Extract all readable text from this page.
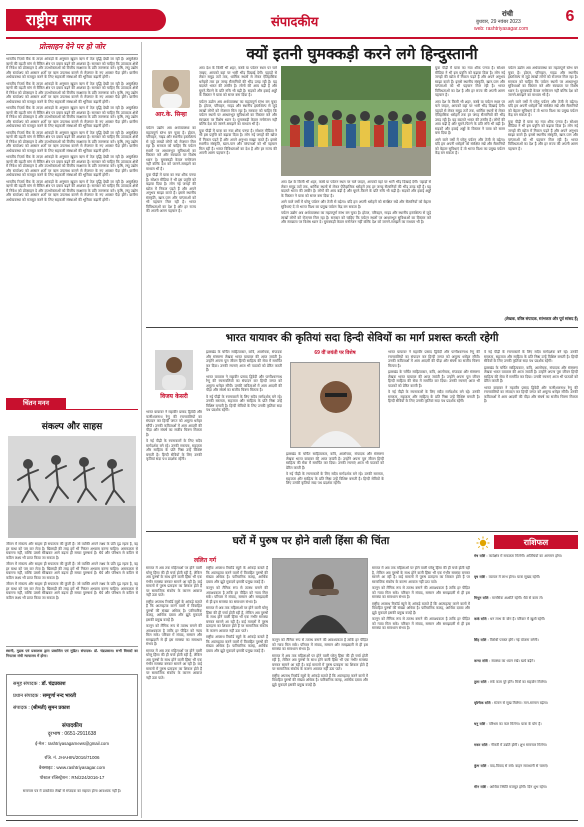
राष्ट्रीय सागर	संपादकीय
रांची
बुधवार, 29 नवंबर 2023
web: rashtriyasagar.com
6
प्रोत्साहन देने पर हो जोर

भारतीय रिज़र्व बैंक के ताज़ा आंकड़ों के अनुसार खुदरा ऋण में तेज़ वृद्धि देखी जा रही है। असुरक्षित ऋणों की बढ़ती मांग से बैंकिंग क्षेत्र पर दबाव बढ़ने की आशंका है। सरकार को चाहिए कि उत्पादक क्षेत्रों में निवेश को प्रोत्साहन दे और उपभोक्ताओं को वित्तीय साक्षरता के प्रति जागरूक करे। कृषि, लघु उद्योग और स्टार्टअप को आसान शर्तों पर ऋण उपलब्ध कराने से रोजगार के नए अवसर पैदा होंगे। ग्रामीण अर्थव्यवस्था को मजबूत करने के लिए सहकारी संस्थाओं की भूमिका बढ़ानी होगी।

भारतीय रिज़र्व बैंक के ताज़ा आंकड़ों के अनुसार खुदरा ऋण में तेज़ वृद्धि देखी जा रही है। असुरक्षित ऋणों की बढ़ती मांग से बैंकिंग क्षेत्र पर दबाव बढ़ने की आशंका है। सरकार को चाहिए कि उत्पादक क्षेत्रों में निवेश को प्रोत्साहन दे और उपभोक्ताओं को वित्तीय साक्षरता के प्रति जागरूक करे। कृषि, लघु उद्योग और स्टार्टअप को आसान शर्तों पर ऋण उपलब्ध कराने से रोजगार के नए अवसर पैदा होंगे। ग्रामीण अर्थव्यवस्था को मजबूत करने के लिए सहकारी संस्थाओं की भूमिका बढ़ानी होगी।

भारतीय रिज़र्व बैंक के ताज़ा आंकड़ों के अनुसार खुदरा ऋण में तेज़ वृद्धि देखी जा रही है। असुरक्षित ऋणों की बढ़ती मांग से बैंकिंग क्षेत्र पर दबाव बढ़ने की आशंका है। सरकार को चाहिए कि उत्पादक क्षेत्रों में निवेश को प्रोत्साहन दे और उपभोक्ताओं को वित्तीय साक्षरता के प्रति जागरूक करे। कृषि, लघु उद्योग और स्टार्टअप को आसान शर्तों पर ऋण उपलब्ध कराने से रोजगार के नए अवसर पैदा होंगे। ग्रामीण अर्थव्यवस्था को मजबूत करने के लिए सहकारी संस्थाओं की भूमिका बढ़ानी होगी।

भारतीय रिज़र्व बैंक के ताज़ा आंकड़ों के अनुसार खुदरा ऋण में तेज़ वृद्धि देखी जा रही है। असुरक्षित ऋणों की बढ़ती मांग से बैंकिंग क्षेत्र पर दबाव बढ़ने की आशंका है। सरकार को चाहिए कि उत्पादक क्षेत्रों में निवेश को प्रोत्साहन दे और उपभोक्ताओं को वित्तीय साक्षरता के प्रति जागरूक करे। कृषि, लघु उद्योग और स्टार्टअप को आसान शर्तों पर ऋण उपलब्ध कराने से रोजगार के नए अवसर पैदा होंगे। ग्रामीण अर्थव्यवस्था को मजबूत करने के लिए सहकारी संस्थाओं की भूमिका बढ़ानी होगी।

भारतीय रिज़र्व बैंक के ताज़ा आंकड़ों के अनुसार खुदरा ऋण में तेज़ वृद्धि देखी जा रही है। असुरक्षित ऋणों की बढ़ती मांग से बैंकिंग क्षेत्र पर दबाव बढ़ने की आशंका है। सरकार को चाहिए कि उत्पादक क्षेत्रों में निवेश को प्रोत्साहन दे और उपभोक्ताओं को वित्तीय साक्षरता के प्रति जागरूक करे। कृषि, लघु उद्योग और स्टार्टअप को आसान शर्तों पर ऋण उपलब्ध कराने से रोजगार के नए अवसर पैदा होंगे। ग्रामीण अर्थव्यवस्था को मजबूत करने के लिए सहकारी संस्थाओं की भूमिका बढ़ानी होगी।

भारतीय रिज़र्व बैंक के ताज़ा आंकड़ों के अनुसार खुदरा ऋण में तेज़ वृद्धि देखी जा रही है। असुरक्षित ऋणों की बढ़ती मांग से बैंकिंग क्षेत्र पर दबाव बढ़ने की आशंका है। सरकार को चाहिए कि उत्पादक क्षेत्रों में निवेश को प्रोत्साहन दे और उपभोक्ताओं को वित्तीय साक्षरता के प्रति जागरूक करे। कृषि, लघु उद्योग और स्टार्टअप को आसान शर्तों पर ऋण उपलब्ध कराने से रोजगार के नए अवसर पैदा होंगे। ग्रामीण अर्थव्यवस्था को मजबूत करने के लिए सहकारी संस्थाओं की भूमिका बढ़ानी होगी।

चिंतन मनन
संकल्प और साहस

जीवन में संकल्प और साहस ही सफलता की कुंजी हैं। जो व्यक्ति अपने लक्ष्य के प्रति दृढ़ रहता है, वह हर बाधा को पार कर लेता है। खिलाड़ी की तरह हमें भी निरंतर अभ्यास करना चाहिए। असफलता से घबराना नहीं, बल्कि उससे सीखकर आगे बढ़ना ही सच्चा पुरुषार्थ है। धैर्य और परिश्रम से कठिन से कठिन लक्ष्य भी प्राप्त किया जा सकता है।

जीवन में संकल्प और साहस ही सफलता की कुंजी हैं। जो व्यक्ति अपने लक्ष्य के प्रति दृढ़ रहता है, वह हर बाधा को पार कर लेता है। खिलाड़ी की तरह हमें भी निरंतर अभ्यास करना चाहिए। असफलता से घबराना नहीं, बल्कि उससे सीखकर आगे बढ़ना ही सच्चा पुरुषार्थ है। धैर्य और परिश्रम से कठिन से कठिन लक्ष्य भी प्राप्त किया जा सकता है।

जीवन में संकल्प और साहस ही सफलता की कुंजी हैं। जो व्यक्ति अपने लक्ष्य के प्रति दृढ़ रहता है, वह हर बाधा को पार कर लेता है। खिलाड़ी की तरह हमें भी निरंतर अभ्यास करना चाहिए। असफलता से घबराना नहीं, बल्कि उससे सीखकर आगे बढ़ना ही सच्चा पुरुषार्थ है। धैर्य और परिश्रम से कठिन से कठिन लक्ष्य भी प्राप्त किया जा सकता है।

स्वामी, मुद्रक एवं प्रकाशक द्वारा प्रकाशित एवं मुद्रित। संपादक: डॉ. चंद्रप्रकाश। सभी विवादों का निपटारा रांची न्यायालय में होगा।
समूह संपादक : डॉ. चंद्रप्रकाश
प्रधान संपादक : सम्पूर्णा नन्द भारती
संपादक : (श्रीमती) सुमन प्रकाश
संपादकीय
दूरभाष : 0651-2911638
ई-मेल : rashtriyasagarnews@gmail.com
रजि. नं. JHAHIN/2016/71006
वेबसाइट : www.rashtriyasagar.com
पोस्टल रजिस्ट्रेशन : RN/224/2016-17
समाचार पत्र में प्रकाशित लेखों से संपादक का सहमत होना आवश्यक नहीं है।
क्यों इतनी घुमक्कड़ी करने लगे हिन्दुस्तानी
आर.के. सिन्हा

आप देश के किसी भी शहर, कस्बे या पर्यटन स्थल पर चले जाइए, आपको वहां पर भारी भीड़ दिखाई देगी। पहाड़ों से लेकर समुद्र तटों तक, धार्मिक स्थलों से लेकर ऐतिहासिक धरोहरों तक हर जगह सैलानियों की भीड़ उमड़ रही है। यह बदलते भारत की तस्वीर है। लोगों की आय बढ़ी है और घूमने-फिरने के प्रति रुचि भी बढ़ी है। सड़कों और हवाई अड्डों के विस्तार ने यात्रा को सरल बना दिया है।

पर्यटन उद्योग अब अर्थव्यवस्था का महत्वपूर्ण स्तंभ बन चुका है। होटल, परिवहन, गाइड और स्थानीय हस्तशिल्प से जुड़े लाखों लोगों को रोजगार मिल रहा है। सरकार को चाहिए कि पर्यटन स्थलों पर आधारभूत सुविधाओं का विस्तार करे और स्वच्छता पर विशेष ध्यान दे। घुमक्कड़ी केवल मनोरंजन नहीं बल्कि देश को जानने-समझने का माध्यम भी है।

युवा पीढ़ी में यात्रा का नया शौक पनपा है। सोशल मीडिया ने भी इस प्रवृत्ति को बढ़ावा दिया है। लोग नई जगहों की खोज में निकल पड़ते हैं और अपने अनुभव साझा करते हैं। इससे स्थानीय संस्कृति, खान-पान और परंपराओं को भी पहचान मिल रही है। भारत विविधताओं का देश है और हर राज्य की अपनी अलग पहचान है।

पर्यटन उद्योग अब अर्थव्यवस्था का महत्वपूर्ण स्तंभ बन चुका है। होटल, परिवहन, गाइड और स्थानीय हस्तशिल्प से जुड़े लाखों लोगों को रोजगार मिल रहा है। सरकार को चाहिए कि पर्यटन स्थलों पर आधारभूत सुविधाओं का विस्तार करे और स्वच्छता पर विशेष ध्यान दे। घुमक्कड़ी केवल मनोरंजन नहीं बल्कि देश को जानने-समझने का माध्यम भी है।

युवा पीढ़ी में यात्रा का नया शौक पनपा है। सोशल मीडिया ने भी इस प्रवृत्ति को बढ़ावा दिया है। लोग नई जगहों की खोज में निकल पड़ते हैं और अपने अनुभव साझा करते हैं। इससे स्थानीय संस्कृति, खान-पान और परंपराओं को भी पहचान मिल रही है। भारत विविधताओं का देश है और हर राज्य की अपनी अलग पहचान है।

आप देश के किसी भी शहर, कस्बे या पर्यटन स्थल पर चले जाइए, आपको वहां पर भारी भीड़ दिखाई देगी। पहाड़ों से लेकर समुद्र तटों तक, धार्मिक स्थलों से लेकर ऐतिहासिक धरोहरों तक हर जगह सैलानियों की भीड़ उमड़ रही है। यह बदलते भारत की तस्वीर है। लोगों की आय बढ़ी है और घूमने-फिरने के प्रति रुचि भी बढ़ी है। सड़कों और हवाई अड्डों के विस्तार ने यात्रा को सरल बना दिया है।

आने वाले वर्षों में घरेलू पर्यटन और तेजी से बढ़ेगा। यदि हम अपनी धरोहरों को संरक्षित रखें और सैलानियों को बेहतर सुविधाएं दें तो भारत विश्व का प्रमुख पर्यटन केंद्र बन सकता है।

पर्यटन उद्योग अब अर्थव्यवस्था का महत्वपूर्ण स्तंभ बन चुका है। होटल, परिवहन, गाइड और स्थानीय हस्तशिल्प से जुड़े लाखों लोगों को रोजगार मिल रहा है। सरकार को चाहिए कि पर्यटन स्थलों पर आधारभूत सुविधाओं का विस्तार करे और स्वच्छता पर विशेष ध्यान दे। घुमक्कड़ी केवल मनोरंजन नहीं बल्कि देश को जानने-समझने का माध्यम भी है।

युवा पीढ़ी में यात्रा का नया शौक पनपा है। सोशल मीडिया ने भी इस प्रवृत्ति को बढ़ावा दिया है। लोग नई जगहों की खोज में निकल पड़ते हैं और अपने अनुभव साझा करते हैं। इससे स्थानीय संस्कृति, खान-पान और परंपराओं को भी पहचान मिल रही है। भारत विविधताओं का देश है और हर राज्य की अपनी अलग पहचान है।

आप देश के किसी भी शहर, कस्बे या पर्यटन स्थल पर चले जाइए, आपको वहां पर भारी भीड़ दिखाई देगी। पहाड़ों से लेकर समुद्र तटों तक, धार्मिक स्थलों से लेकर ऐतिहासिक धरोहरों तक हर जगह सैलानियों की भीड़ उमड़ रही है। यह बदलते भारत की तस्वीर है। लोगों की आय बढ़ी है और घूमने-फिरने के प्रति रुचि भी बढ़ी है। सड़कों और हवाई अड्डों के विस्तार ने यात्रा को सरल बना दिया है।

आने वाले वर्षों में घरेलू पर्यटन और तेजी से बढ़ेगा। यदि हम अपनी धरोहरों को संरक्षित रखें और सैलानियों को बेहतर सुविधाएं दें तो भारत विश्व का प्रमुख पर्यटन केंद्र बन सकता है।

पर्यटन उद्योग अब अर्थव्यवस्था का महत्वपूर्ण स्तंभ बन चुका है। होटल, परिवहन, गाइड और स्थानीय हस्तशिल्प से जुड़े लाखों लोगों को रोजगार मिल रहा है। सरकार को चाहिए कि पर्यटन स्थलों पर आधारभूत सुविधाओं का विस्तार करे और स्वच्छता पर विशेष ध्यान दे। घुमक्कड़ी केवल मनोरंजन नहीं बल्कि देश को जानने-समझने का माध्यम भी है।

आने वाले वर्षों में घरेलू पर्यटन और तेजी से बढ़ेगा। यदि हम अपनी धरोहरों को संरक्षित रखें और सैलानियों को बेहतर सुविधाएं दें तो भारत विश्व का प्रमुख पर्यटन केंद्र बन सकता है।

युवा पीढ़ी में यात्रा का नया शौक पनपा है। सोशल मीडिया ने भी इस प्रवृत्ति को बढ़ावा दिया है। लोग नई जगहों की खोज में निकल पड़ते हैं और अपने अनुभव साझा करते हैं। इससे स्थानीय संस्कृति, खान-पान और परंपराओं को भी पहचान मिल रही है। भारत विविधताओं का देश है और हर राज्य की अपनी अलग पहचान है।

(लेखक, वरिष्ठ संपादक, स्तंभकार और पूर्व सांसद हैं)
भारत यायावर की कृतियां सदा हिन्दी सेवियों का मार्ग प्रशस्त करती रहेगी
विजय केसरी

भारत यायावर ने महावीर प्रसाद द्विवेदी और फणीश्वरनाथ रेणु की रचनावलियों का संपादन कर हिन्दी जगत को अमूल्य धरोहर सौंपी। उनकी कविताओं में आम आदमी की पीड़ा और संघर्ष का सजीव चित्रण मिलता है।

वे नई पीढ़ी के रचनाकारों के लिए सदैव मार्गदर्शक बने रहे। उनकी सरलता, सहजता और साहित्य के प्रति निष्ठा उन्हें विशिष्ट बनाती है। हिन्दी सेवियों के लिए उनकी कृतियां सदा पथ प्रदर्शक रहेंगी।

झारखंड के चर्चित साहित्यकार, कवि, आलोचक, संपादक और संस्मरण लेखक भारत यायावर की आज जयंती है। उन्होंने अपना पूरा जीवन हिन्दी साहित्य की सेवा में समर्पित कर दिया। उनकी रचनाएं आज भी पाठकों को प्रेरित करती हैं।

भारत यायावर ने महावीर प्रसाद द्विवेदी और फणीश्वरनाथ रेणु की रचनावलियों का संपादन कर हिन्दी जगत को अमूल्य धरोहर सौंपी। उनकी कविताओं में आम आदमी की पीड़ा और संघर्ष का सजीव चित्रण मिलता है।

वे नई पीढ़ी के रचनाकारों के लिए सदैव मार्गदर्शक बने रहे। उनकी सरलता, सहजता और साहित्य के प्रति निष्ठा उन्हें विशिष्ट बनाती है। हिन्दी सेवियों के लिए उनकी कृतियां सदा पथ प्रदर्शक रहेंगी।

69 वीं जयंती पर विशेष

झारखंड के चर्चित साहित्यकार, कवि, आलोचक, संपादक और संस्मरण लेखक भारत यायावर की आज जयंती है। उन्होंने अपना पूरा जीवन हिन्दी साहित्य की सेवा में समर्पित कर दिया। उनकी रचनाएं आज भी पाठकों को प्रेरित करती हैं।

वे नई पीढ़ी के रचनाकारों के लिए सदैव मार्गदर्शक बने रहे। उनकी सरलता, सहजता और साहित्य के प्रति निष्ठा उन्हें विशिष्ट बनाती है। हिन्दी सेवियों के लिए उनकी कृतियां सदा पथ प्रदर्शक रहेंगी।

भारत यायावर ने महावीर प्रसाद द्विवेदी और फणीश्वरनाथ रेणु की रचनावलियों का संपादन कर हिन्दी जगत को अमूल्य धरोहर सौंपी। उनकी कविताओं में आम आदमी की पीड़ा और संघर्ष का सजीव चित्रण मिलता है।

झारखंड के चर्चित साहित्यकार, कवि, आलोचक, संपादक और संस्मरण लेखक भारत यायावर की आज जयंती है। उन्होंने अपना पूरा जीवन हिन्दी साहित्य की सेवा में समर्पित कर दिया। उनकी रचनाएं आज भी पाठकों को प्रेरित करती हैं।

वे नई पीढ़ी के रचनाकारों के लिए सदैव मार्गदर्शक बने रहे। उनकी सरलता, सहजता और साहित्य के प्रति निष्ठा उन्हें विशिष्ट बनाती है। हिन्दी सेवियों के लिए उनकी कृतियां सदा पथ प्रदर्शक रहेंगी।

वे नई पीढ़ी के रचनाकारों के लिए सदैव मार्गदर्शक बने रहे। उनकी सरलता, सहजता और साहित्य के प्रति निष्ठा उन्हें विशिष्ट बनाती है। हिन्दी सेवियों के लिए उनकी कृतियां सदा पथ प्रदर्शक रहेंगी।

झारखंड के चर्चित साहित्यकार, कवि, आलोचक, संपादक और संस्मरण लेखक भारत यायावर की आज जयंती है। उन्होंने अपना पूरा जीवन हिन्दी साहित्य की सेवा में समर्पित कर दिया। उनकी रचनाएं आज भी पाठकों को प्रेरित करती हैं।

भारत यायावर ने महावीर प्रसाद द्विवेदी और फणीश्वरनाथ रेणु की रचनावलियों का संपादन कर हिन्दी जगत को अमूल्य धरोहर सौंपी। उनकी कविताओं में आम आदमी की पीड़ा और संघर्ष का सजीव चित्रण मिलता है।

घरों में पुरुष पर होने वाली हिंसा की चिंता
ललित गर्ग

समाज में अब तक महिलाओं पर होने वाली घरेलू हिंसा की ही चर्चा होती रही है, लेकिन अब पुरुषों के साथ होने वाली हिंसा भी एक गंभीर समस्या बनकर सामने आ रही है। कई मामलों में पुरुष प्रताड़ना का शिकार होते हैं पर सामाजिक संकोच के कारण आवाज नहीं उठा पाते।

राष्ट्रीय अपराध रिकॉर्ड ब्यूरो के आंकड़े बताते हैं कि आत्महत्या करने वालों में विवाहित पुरुषों की संख्या अधिक है। पारिवारिक कलह, आर्थिक दबाव और झूठे मुकदमे इसकी प्रमुख वजहें हैं।

कानून को लैंगिक रूप से तटस्थ बनाने की आवश्यकता है ताकि हर पीड़ित को न्याय मिल सके। परिवार में संवाद, सम्मान और समझदारी से ही इस समस्या का समाधान संभव है।

समाज में अब तक महिलाओं पर होने वाली घरेलू हिंसा की ही चर्चा होती रही है, लेकिन अब पुरुषों के साथ होने वाली हिंसा भी एक गंभीर समस्या बनकर सामने आ रही है। कई मामलों में पुरुष प्रताड़ना का शिकार होते हैं पर सामाजिक संकोच के कारण आवाज नहीं उठा पाते।

राष्ट्रीय अपराध रिकॉर्ड ब्यूरो के आंकड़े बताते हैं कि आत्महत्या करने वालों में विवाहित पुरुषों की संख्या अधिक है। पारिवारिक कलह, आर्थिक दबाव और झूठे मुकदमे इसकी प्रमुख वजहें हैं।

कानून को लैंगिक रूप से तटस्थ बनाने की आवश्यकता है ताकि हर पीड़ित को न्याय मिल सके। परिवार में संवाद, सम्मान और समझदारी से ही इस समस्या का समाधान संभव है।

समाज में अब तक महिलाओं पर होने वाली घरेलू हिंसा की ही चर्चा होती रही है, लेकिन अब पुरुषों के साथ होने वाली हिंसा भी एक गंभीर समस्या बनकर सामने आ रही है। कई मामलों में पुरुष प्रताड़ना का शिकार होते हैं पर सामाजिक संकोच के कारण आवाज नहीं उठा पाते।

राष्ट्रीय अपराध रिकॉर्ड ब्यूरो के आंकड़े बताते हैं कि आत्महत्या करने वालों में विवाहित पुरुषों की संख्या अधिक है। पारिवारिक कलह, आर्थिक दबाव और झूठे मुकदमे इसकी प्रमुख वजहें हैं।

कानून को लैंगिक रूप से तटस्थ बनाने की आवश्यकता है ताकि हर पीड़ित को न्याय मिल सके। परिवार में संवाद, सम्मान और समझदारी से ही इस समस्या का समाधान संभव है।

समाज में अब तक महिलाओं पर होने वाली घरेलू हिंसा की ही चर्चा होती रही है, लेकिन अब पुरुषों के साथ होने वाली हिंसा भी एक गंभीर समस्या बनकर सामने आ रही है। कई मामलों में पुरुष प्रताड़ना का शिकार होते हैं पर सामाजिक संकोच के कारण आवाज नहीं उठा पाते।

राष्ट्रीय अपराध रिकॉर्ड ब्यूरो के आंकड़े बताते हैं कि आत्महत्या करने वालों में विवाहित पुरुषों की संख्या अधिक है। पारिवारिक कलह, आर्थिक दबाव और झूठे मुकदमे इसकी प्रमुख वजहें हैं।

समाज में अब तक महिलाओं पर होने वाली घरेलू हिंसा की ही चर्चा होती रही है, लेकिन अब पुरुषों के साथ होने वाली हिंसा भी एक गंभीर समस्या बनकर सामने आ रही है। कई मामलों में पुरुष प्रताड़ना का शिकार होते हैं पर सामाजिक संकोच के कारण आवाज नहीं उठा पाते।

कानून को लैंगिक रूप से तटस्थ बनाने की आवश्यकता है ताकि हर पीड़ित को न्याय मिल सके। परिवार में संवाद, सम्मान और समझदारी से ही इस समस्या का समाधान संभव है।

राष्ट्रीय अपराध रिकॉर्ड ब्यूरो के आंकड़े बताते हैं कि आत्महत्या करने वालों में विवाहित पुरुषों की संख्या अधिक है। पारिवारिक कलह, आर्थिक दबाव और झूठे मुकदमे इसकी प्रमुख वजहें हैं।

कानून को लैंगिक रूप से तटस्थ बनाने की आवश्यकता है ताकि हर पीड़ित को न्याय मिल सके। परिवार में संवाद, सम्मान और समझदारी से ही इस समस्या का समाधान संभव है।

राशिफल
मेष राशि : कार्यक्षेत्र में सफलता मिलेगी। अतिथियों का आगमन होगा।
वृष राशि : व्यापार में लाभ होगा। यात्रा सुखद रहेगी।
मिथुन राशि : मानसिक अशांति रहेगी। धैर्य से काम लें।
कर्क राशि : धन लाभ के योग हैं। परिवार में खुशी रहेगी।
सिंह राशि : विरोधी परास्त होंगे। नई योजना बनेगी।
कन्या राशि : स्वास्थ्य का ध्यान रखें। खर्च बढ़ेंगे।
तुला राशि : रुके काम पूरे होंगे। मित्रों का सहयोग मिलेगा।
वृश्चिक राशि : संतान से सुख मिलेगा। मान-सम्मान बढ़ेगा।
धनु राशि : परिश्रम का फल मिलेगा। यात्रा के योग हैं।
मकर राशि : नौकरी में उन्नति होगी। शुभ समाचार मिलेगा।
कुंभ राशि : वाद-विवाद से बचें। वाहन सावधानी से चलाएं।
मीन राशि : आर्थिक स्थिति मजबूत होगी। दिन शुभ रहेगा।
